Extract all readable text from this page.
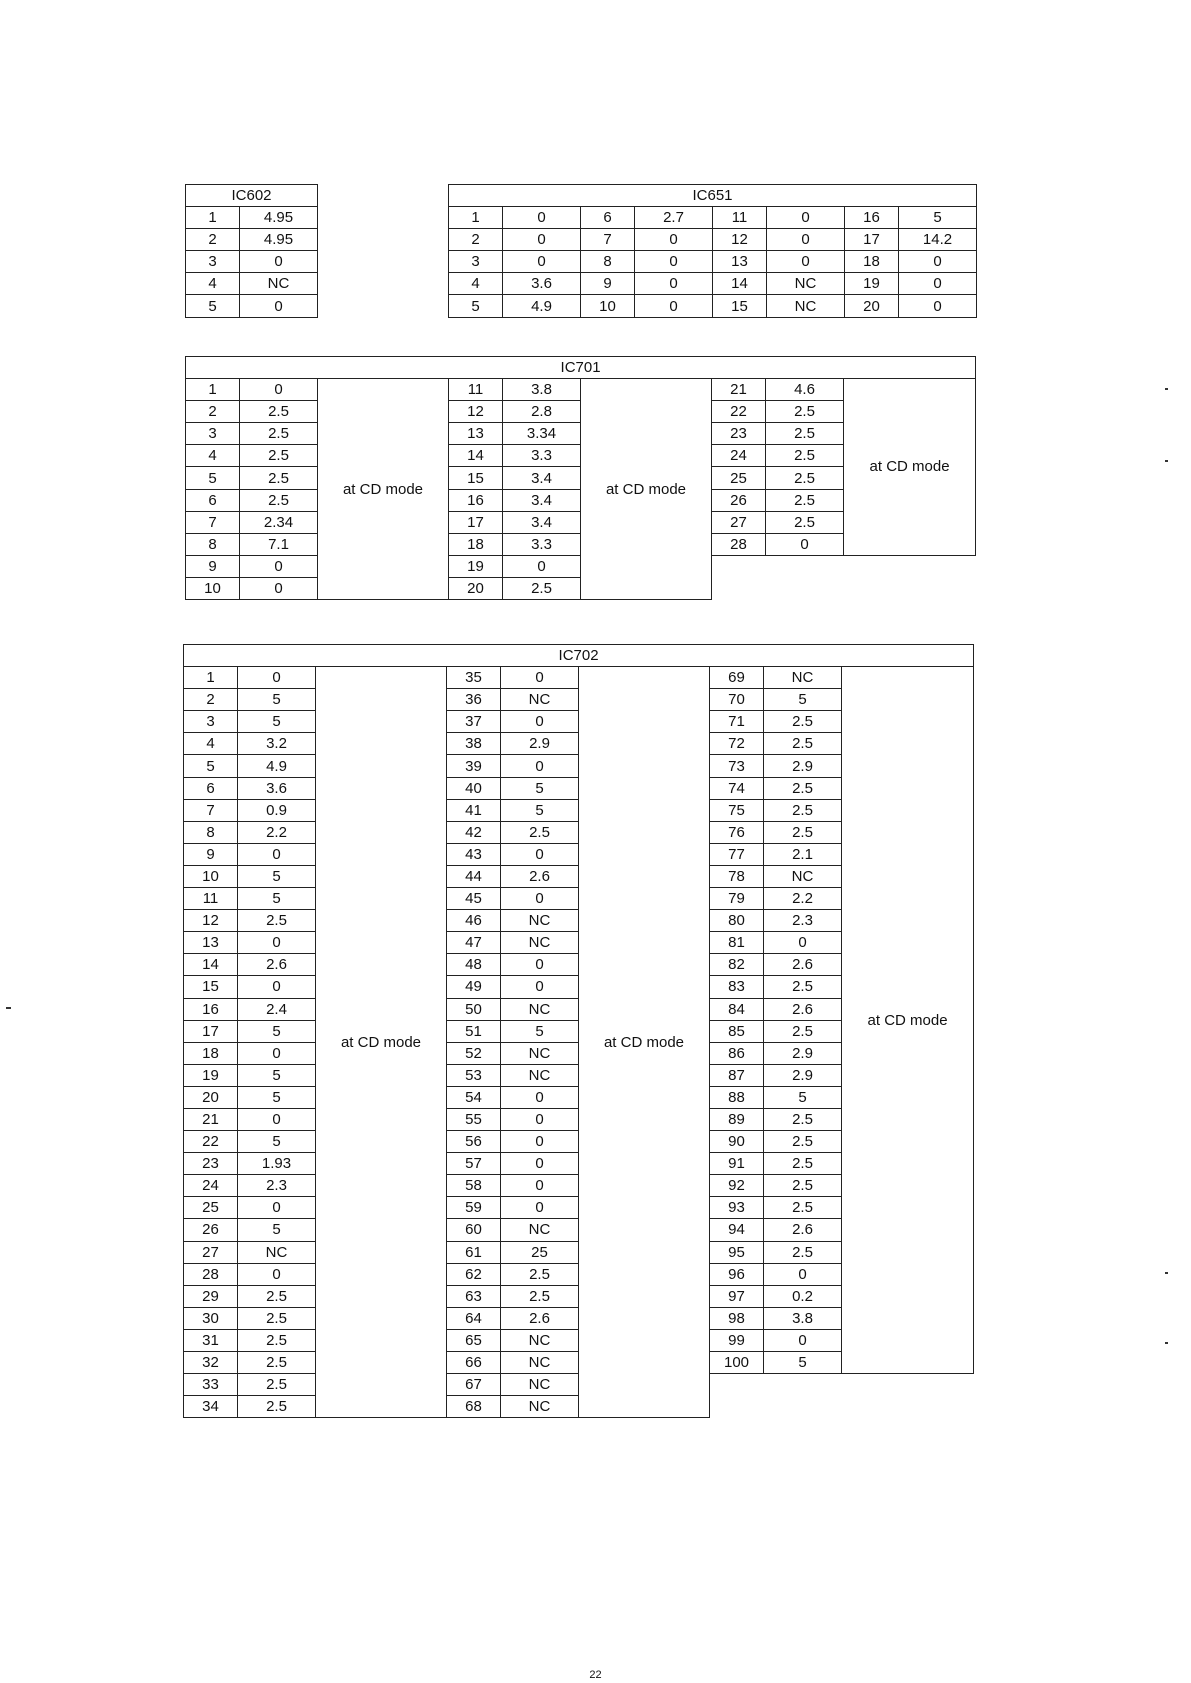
IC602	
1	4.95
2	4.95
3	0
4	NC
5	0
IC651							
1	0	6	2.7	11	0	16	5
2	0	7	0	12	0	17	14.2
3	0	8	0	13	0	18	0
4	3.6	9	0	14	NC	19	0
5	4.9	10	0	15	NC	20	0
IC701								
1	0	at CD mode	11	3.8	at CD mode	21	4.6	at CD mode
2	2.5		12	2.8		22	2.5	
3	2.5		13	3.34		23	2.5	
4	2.5		14	3.3		24	2.5	
5	2.5		15	3.4		25	2.5	
6	2.5		16	3.4		26	2.5	
7	2.34		17	3.4		27	2.5	
8	7.1		18	3.3		28	0	
9	0		19	0				
10	0		20	2.5				
IC702								
1	0	at CD mode	35	0	at CD mode	69	NC	at CD mode
2	5		36	NC		70	5	
3	5		37	0		71	2.5	
4	3.2		38	2.9		72	2.5	
5	4.9		39	0		73	2.9	
6	3.6		40	5		74	2.5	
7	0.9		41	5		75	2.5	
8	2.2		42	2.5		76	2.5	
9	0		43	0		77	2.1	
10	5		44	2.6		78	NC	
11	5		45	0		79	2.2	
12	2.5		46	NC		80	2.3	
13	0		47	NC		81	0	
14	2.6		48	0		82	2.6	
15	0		49	0		83	2.5	
16	2.4		50	NC		84	2.6	
17	5		51	5		85	2.5	
18	0		52	NC		86	2.9	
19	5		53	NC		87	2.9	
20	5		54	0		88	5	
21	0		55	0		89	2.5	
22	5		56	0		90	2.5	
23	1.93		57	0		91	2.5	
24	2.3		58	0		92	2.5	
25	0		59	0		93	2.5	
26	5		60	NC		94	2.6	
27	NC		61	25		95	2.5	
28	0		62	2.5		96	0	
29	2.5		63	2.5		97	0.2	
30	2.5		64	2.6		98	3.8	
31	2.5		65	NC		99	0	
32	2.5		66	NC		100	5	
33	2.5		67	NC				
34	2.5		68	NC				
22
